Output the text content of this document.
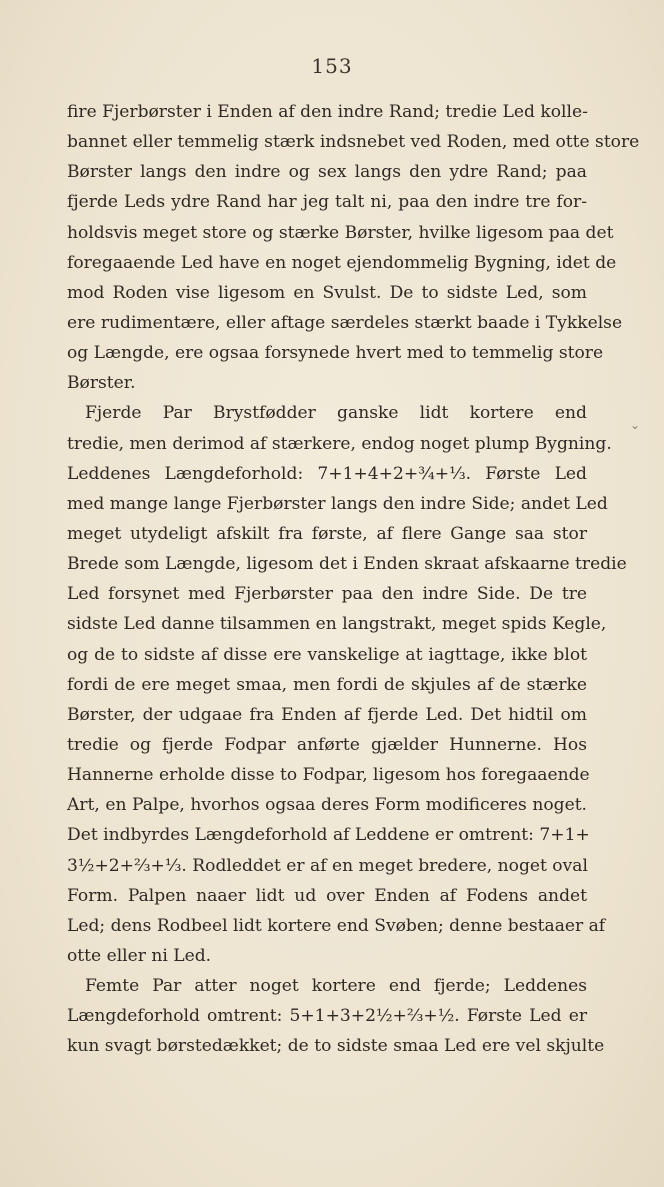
153
⌄
fire Fjerbørster i Enden af den indre Rand; tredie Led kolle-
bannet eller temmelig stærk indsnebet ved Roden, med otte store
Børster langs den indre og sex langs den ydre Rand; paa
fjerde Leds ydre Rand har jeg talt ni, paa den indre tre for-
holdsvis meget store og stærke Børster, hvilke ligesom paa det
foregaaende Led have en noget ejendommelig Bygning, idet de
mod Roden vise ligesom en Svulst. De to sidste Led, som
ere rudimentære, eller aftage særdeles stærkt baade i Tykkelse
og Længde, ere ogsaa forsynede hvert med to temmelig store
Børster.
Fjerde Par Brystfødder ganske lidt kortere end
tredie, men derimod af stærkere, endog noget plump Bygning.
Leddenes Længdeforhold: 7+1+4+2+¾+⅓. Første Led
med mange lange Fjerbørster langs den indre Side; andet Led
meget utydeligt afskilt fra første, af flere Gange saa stor
Brede som Længde, ligesom det i Enden skraat afskaarne tredie
Led forsynet med Fjerbørster paa den indre Side. De tre
sidste Led danne tilsammen en langstrakt, meget spids Kegle,
og de to sidste af disse ere vanskelige at iagttage, ikke blot
fordi de ere meget smaa, men fordi de skjules af de stærke
Børster, der udgaae fra Enden af fjerde Led. Det hidtil om
tredie og fjerde Fodpar anførte gjælder Hunnerne. Hos
Hannerne erholde disse to Fodpar, ligesom hos foregaaende
Art, en Palpe, hvorhos ogsaa deres Form modificeres noget.
Det indbyrdes Længdeforhold af Leddene er omtrent: 7+1+
3½+2+⅔+⅓. Rodleddet er af en meget bredere, noget oval
Form. Palpen naaer lidt ud over Enden af Fodens andet
Led; dens Rodbeel lidt kortere end Svøben; denne bestaaer af
otte eller ni Led.
Femte Par atter noget kortere end fjerde; Leddenes
Længdeforhold omtrent: 5+1+3+2½+⅔+½. Første Led er
kun svagt børstedækket; de to sidste smaa Led ere vel skjulte
